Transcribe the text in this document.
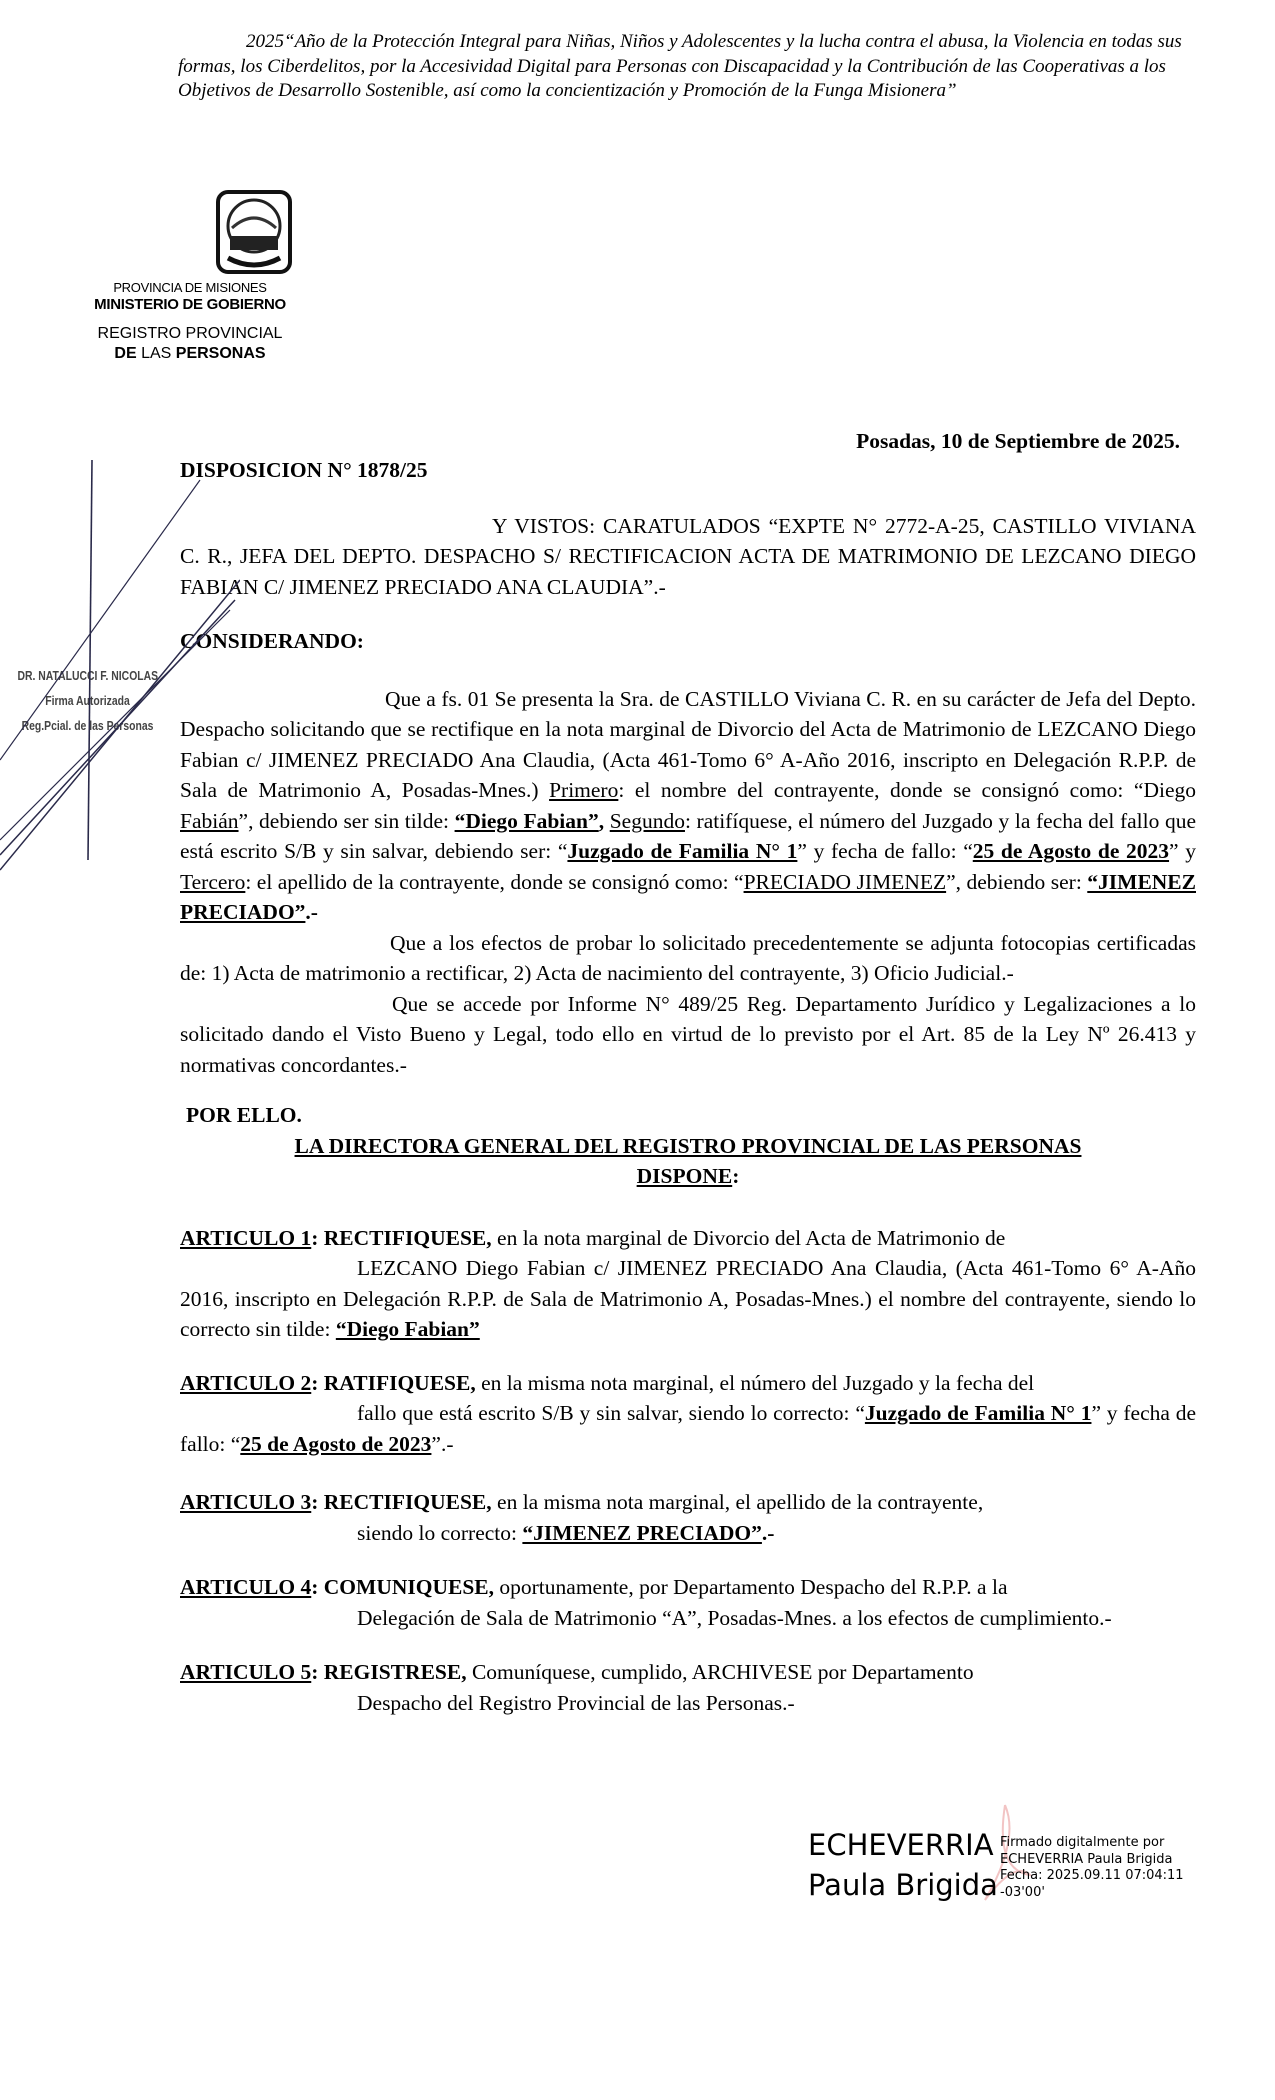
2025“Año de la Protección Integral para Niñas, Niños y Adolescentes y la lucha contra el abusa, la Violencia en todas sus formas, los Ciberdelitos, por la Accesividad Digital para Personas con Discapacidad y la Contribución de las Cooperativas a los Objetivos de Desarrollo Sostenible, así como la concientización y Promoción de la Funga Misionera”
PROVINCIA DE MISIONES
MINISTERIO DE GOBIERNO
REGISTRO PROVINCIAL
DE LAS PERSONAS
Posadas, 10 de Septiembre de 2025.
DISPOSICION N° 1878/25
Y VISTOS: CARATULADOS “EXPTE N° 2772-A-25, CASTILLO VIVIANA C. R., JEFA DEL DEPTO. DESPACHO S/ RECTIFICACION ACTA DE MATRIMONIO DE LEZCANO DIEGO FABIAN C/ JIMENEZ PRECIADO ANA CLAUDIA”.-
CONSIDERANDO:
Que a fs. 01 Se presenta la Sra. de CASTILLO Viviana C. R. en su carácter de Jefa del Depto. Despacho solicitando que se rectifique en la nota marginal de Divorcio del Acta de Matrimonio de LEZCANO Diego Fabian c/ JIMENEZ PRECIADO Ana Claudia, (Acta 461-Tomo 6° A-Año 2016, inscripto en Delegación R.P.P. de Sala de Matrimonio A, Posadas-Mnes.) Primero: el nombre del contrayente, donde se consignó como: “Diego Fabián”, debiendo ser sin tilde: “Diego Fabian”, Segundo: ratifíquese, el número del Juzgado y la fecha del fallo que está escrito S/B y sin salvar, debiendo ser: “Juzgado de Familia N° 1” y fecha de fallo: “25 de Agosto de 2023” y Tercero: el apellido de la contrayente, donde se consignó como: “PRECIADO JIMENEZ”, debiendo ser: “JIMENEZ PRECIADO”.-
Que a los efectos de probar lo solicitado precedentemente se adjunta fotocopias certificadas de: 1) Acta de matrimonio a rectificar, 2) Acta de nacimiento del contrayente, 3) Oficio Judicial.-
Que se accede por Informe N° 489/25 Reg. Departamento Jurídico y Legalizaciones a lo solicitado dando el Visto Bueno y Legal, todo ello en virtud de lo previsto por el Art. 85 de la Ley Nº 26.413 y normativas concordantes.-
POR ELLO.
LA DIRECTORA GENERAL DEL REGISTRO PROVINCIAL DE LAS PERSONAS
DISPONE:
ARTICULO 1: RECTIFIQUESE, en la nota marginal de Divorcio del Acta de Matrimonio de
LEZCANO Diego Fabian c/ JIMENEZ PRECIADO Ana Claudia, (Acta 461-Tomo 6° A-Año 2016, inscripto en Delegación R.P.P. de Sala de Matrimonio A, Posadas-Mnes.) el nombre del contrayente, siendo lo correcto sin tilde: “Diego Fabian”
ARTICULO 2: RATIFIQUESE, en la misma nota marginal, el número del Juzgado y la fecha del
fallo que está escrito S/B y sin salvar, siendo lo correcto: “Juzgado de Familia N° 1” y fecha de fallo: “25 de Agosto de 2023”.-
ARTICULO 3: RECTIFIQUESE, en la misma nota marginal, el apellido de la contrayente,
siendo lo correcto: “JIMENEZ PRECIADO”.-
ARTICULO 4: COMUNIQUESE, oportunamente, por Departamento Despacho del R.P.P. a la
Delegación de Sala de Matrimonio “A”, Posadas-Mnes. a los efectos de cumplimiento.-
ARTICULO 5: REGISTRESE, Comuníquese, cumplido, ARCHIVESE por Departamento
Despacho del Registro Provincial de las Personas.-
DR. NATALUCCI F. NICOLAS
Firma Autorizada
Reg.Pcial. de las Personas
ECHEVERRIA
Paula Brigida
Firmado digitalmente por
ECHEVERRIA Paula Brigida
Fecha: 2025.09.11 07:04:11
-03'00'
